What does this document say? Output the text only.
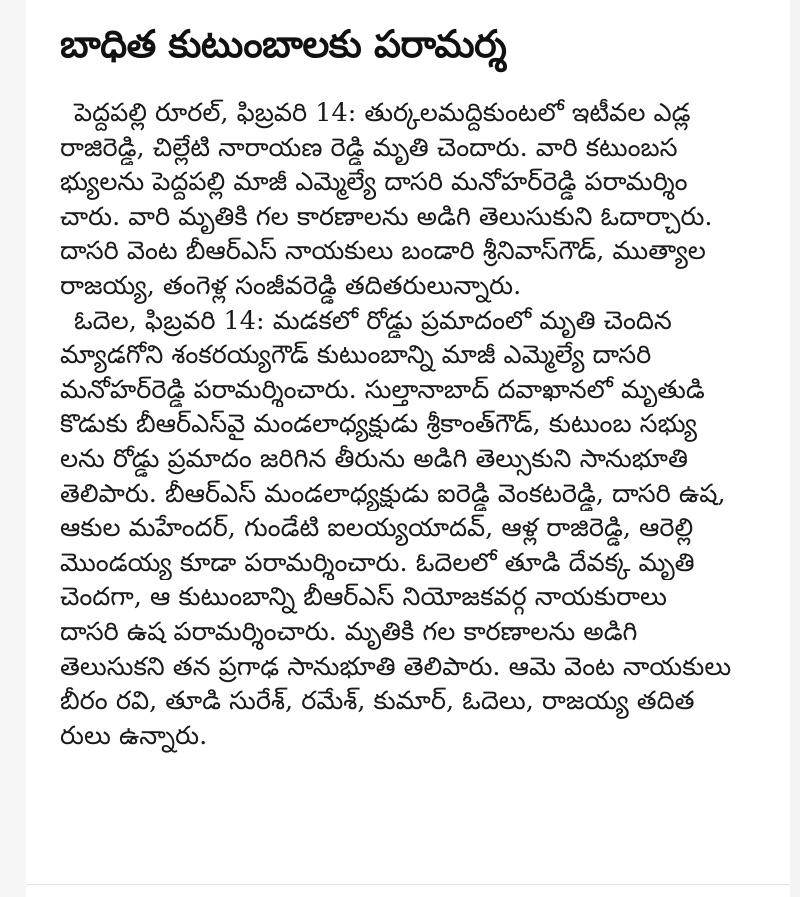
బాధిత కుటుంబాలకు పరామర్శ
పెద్దపల్లి రూరల్‌, ఫిబ్రవరి 14: తుర్కలమద్దికుంటలో ఇటీవల ఎడ్ల
రాజిరెడ్డి, చిల్లేటి నారాయణ రెడ్డి మృతి చెందారు. వారి కటుంబస
భ్యులను పెద్దపల్లి మాజీ ఎమ్మెల్యే దాసరి మనోహర్‌రెడ్డి పరామర్శిం
చారు. వారి మృతికి గల కారణాలను అడిగి తెలుసుకుని ఓదార్చారు.
దాసరి వెంట బీఆర్‌ఎస్‌ నాయకులు బండారి శ్రీనివాస్‌గౌడ్‌, ముత్యాల
రాజయ్య, తంగెళ్ల సంజీవరెడ్డి తదితరులున్నారు.
ఓదెల, ఫిబ్రవరి 14: మడకలో రోడ్డు ప్రమాదంలో మృతి చెందిన
మ్యాడగోని శంకరయ్యగౌడ్‌ కుటుంబాన్ని మాజీ ఎమ్మెల్యే దాసరి
మనోహర్‌రెడ్డి పరామర్శించారు. సుల్తానాబాద్‌ దవాఖానలో మృతుడి
కొడుకు బీఆర్‌ఎస్‌వై మండలాధ్యక్షుడు శ్రీకాంత్‌గౌడ్‌, కుటుంబ సభ్యు
లను రోడ్డు ప్రమాదం జరిగిన తీరును అడిగి తెల్సుకుని సానుభూతి
తెలిపారు. బీఆర్‌ఎస్‌ మండలాధ్యక్షుడు ఐరెడ్డి వెంకటరెడ్డి, దాసరి ఉష,
ఆకుల మహేందర్‌, గుండేటి ఐలయ్యయాదవ్‌, ఆళ్ల రాజిరెడ్డి, ఆరెల్లి
మొండయ్య కూడా పరామర్శించారు. ఓదెలలో తూడి దేవక్క మృతి
చెందగా, ఆ కుటుంబాన్ని బీఆర్‌ఎస్‌ నియోజకవర్గ నాయకురాలు
దాసరి ఉష పరామర్శించారు. మృతికి గల కారణాలను అడిగి
తెలుసుకని తన ప్రగాఢ సానుభూతి తెలిపారు. ఆమె వెంట నాయకులు
బీరం రవి, తూడి సురేశ్‌, రమేశ్‌, కుమార్‌, ఓదెలు, రాజయ్య తదిత
రులు ఉన్నారు.
